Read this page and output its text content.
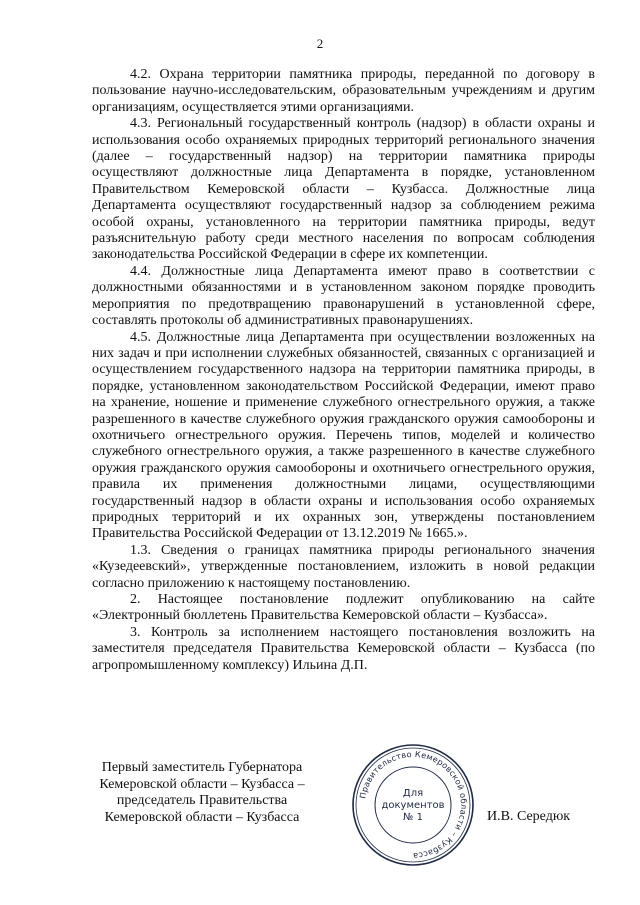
2

4.2. Охрана территории памятника природы, переданной по договору в пользование научно-исследовательским, образовательным учреждениям и другим организациям, осуществляется этими организациями.

4.3. Региональный государственный контроль (надзор) в области охраны и использования особо охраняемых природных территорий регионального значения (далее – государственный надзор) на территории памятника природы осуществляют должностные лица Департамента в порядке, установленном Правительством Кемеровской области – Кузбасса. Должностные лица Департамента осуществляют государственный надзор за соблюдением режима особой охраны, установленного на территории памятника природы, ведут разъяснительную работу среди местного населения по вопросам соблюдения законодательства Российской Федерации в сфере их компетенции.

4.4. Должностные лица Департамента имеют право в соответствии с должностными обязанностями и в установленном законом порядке проводить мероприятия по предотвращению правонарушений в установленной сфере, составлять протоколы об административных правонарушениях.

4.5. Должностные лица Департамента при осуществлении возложенных на них задач и при исполнении служебных обязанностей, связанных с организацией и осуществлением государственного надзора на территории памятника природы, в порядке, установленном законодательством Российской Федерации, имеют право на хранение, ношение и применение служебного огнестрельного оружия, а также разрешенного в качестве служебного оружия гражданского оружия самообороны и охотничьего огнестрельного оружия. Перечень типов, моделей и количество служебного огнестрельного оружия, а также разрешенного в качестве служебного оружия гражданского оружия самообороны и охотничьего огнестрельного оружия, правила их применения должностными лицами, осуществляющими государственный надзор в области охраны и использования особо охраняемых природных территорий и их охранных зон, утверждены постановлением Правительства Российской Федерации от 13.12.2019 № 1665.».

1.3. Сведения о границах памятника природы регионального значения «Кузедеевский», утвержденные постановлением, изложить в новой редакции согласно приложению к настоящему постановлению.

2. Настоящее постановление подлежит опубликованию на сайте «Электронный бюллетень Правительства Кемеровской области – Кузбасса».

3. Контроль за исполнением настоящего постановления возложить на заместителя председателя Правительства Кемеровской области – Кузбасса (по агропромышленному комплексу) Ильина Д.П.

Первый заместитель Губернатора
Кемеровской области – Кузбасса –
председатель Правительства
Кемеровской области – Кузбасса
Правительство Кемеровской области – Кузбасса
Для
документов
№ 1	И.В. Середюк
